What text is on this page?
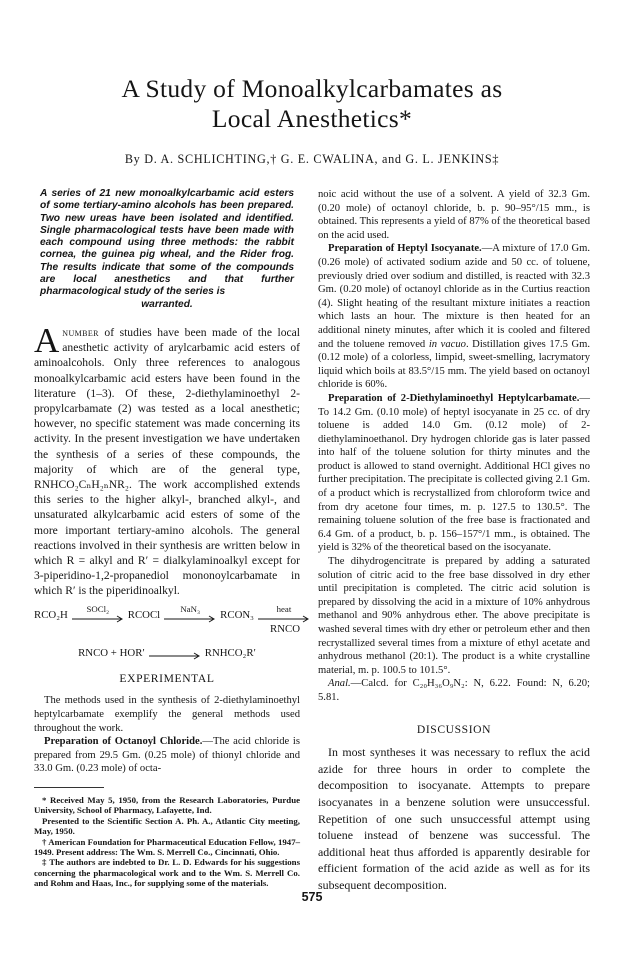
A Study of Monoalkylcarbamates as
Local Anesthetics*
By D. A. SCHLICHTING,† G. E. CWALINA, and G. L. JENKINS‡

A series of 21 new monoalkylcarbamic acid esters of some tertiary-amino alcohols has been prepared. Two new ureas have been isolated and identified. Single pharmacological tests have been made with each compound using three methods: the rabbit cornea, the guinea pig wheal, and the Rider frog. The results indicate that some of the compounds are local anesthetics and that further pharmacological study of the series is

warranted.

Anumber of studies have been made of the local anesthetic activity of arylcarbamic acid esters of aminoalcohols. Only three references to analogous monoalkylcarbamic acid esters have been found in the literature (1–3). Of these, 2-diethylaminoethyl 2-propylcarbamate (2) was tested as a local anesthetic; however, no specific statement was made concerning its activity. In the present investigation we have undertaken the synthesis of a series of these compounds, the majority of which are of the general type, RNHCO₂CₙH₂ₙNR₂. The work accomplished extends this series to the higher alkyl-, branched alkyl-, and unsaturated alkylcarbamic acid esters of some of the more important tertiary-amino alcohols. The general reactions involved in their synthesis are written below in which R = alkyl and R′ = dialkylaminoalkyl except for 3-piperidino-1,2-propanediol mononoylcarbamate in which R′ is the piperidinoalkyl.

RCO₂H
SOCl₂
RCOCl
NaN₃
RCON₃
heat
RNCO
RNCO + HOR′	RNHCO₂R′
EXPERIMENTAL

The methods used in the synthesis of 2-diethylaminoethyl heptylcarbamate exemplify the general methods used throughout the work.

Preparation of Octanoyl Chloride.—The acid chloride is prepared from 29.5 Gm. (0.25 mole) of thionyl chloride and 33.0 Gm. (0.23 mole) of octa-

* Received May 5, 1950, from the Research Laboratories, Purdue University, School of Pharmacy, Lafayette, Ind.

Presented to the Scientific Section A. Ph. A., Atlantic City meeting, May, 1950.

† American Foundation for Pharmaceutical Education Fellow, 1947–1949. Present address: The Wm. S. Merrell Co., Cincinnati, Ohio.

‡ The authors are indebted to Dr. L. D. Edwards for his suggestions concerning the pharmacological work and to the Wm. S. Merrell Co. and Rohm and Haas, Inc., for supplying some of the materials.

noic acid without the use of a solvent. A yield of 32.3 Gm. (0.20 mole) of octanoyl chloride, b. p. 90–95°/15 mm., is obtained. This represents a yield of 87% of the theoretical based on the acid used.

Preparation of Heptyl Isocyanate.—A mixture of 17.0 Gm. (0.26 mole) of activated sodium azide and 50 cc. of toluene, previously dried over sodium and distilled, is reacted with 32.3 Gm. (0.20 mole) of octanoyl chloride as in the Curtius reaction (4). Slight heating of the resultant mixture initiates a reaction which lasts an hour. The mixture is then heated for an additional ninety minutes, after which it is cooled and filtered and the toluene removed in vacuo. Distillation gives 17.5 Gm. (0.12 mole) of a colorless, limpid, sweet-smelling, lacrymatory liquid which boils at 83.5°/15 mm. The yield based on octanoyl chloride is 60%.

Preparation of 2-Diethylaminoethyl Heptylcarbamate.—To 14.2 Gm. (0.10 mole) of heptyl isocyanate in 25 cc. of dry toluene is added 14.0 Gm. (0.12 mole) of 2-diethylaminoethanol. Dry hydrogen chloride gas is later passed into half of the toluene solution for thirty minutes and the product is allowed to stand overnight. Additional HCl gives no further precipitation. The precipitate is collected giving 2.1 Gm. of a product which is recrystallized from chloroform twice and from dry acetone four times, m. p. 127.5 to 130.5°. The remaining toluene solution of the free base is fractionated and 6.4 Gm. of a product, b. p. 156–157°/1 mm., is obtained. The yield is 32% of the theoretical based on the isocyanate.

The dihydrogencitrate is prepared by adding a saturated solution of citric acid to the free base dissolved in dry ether until precipitation is completed. The citric acid solution is prepared by dissolving the acid in a mixture of 10% anhydrous methanol and 90% anhydrous ether. The above precipitate is washed several times with dry ether or petroleum ether and then recrystallized several times from a mixture of ethyl acetate and anhydrous methanol (20:1). The product is a white crystalline material, m. p. 100.5 to 101.5°.

Anal.—Calcd. for C₂₀H₃₆O₉N₂: N, 6.22. Found: N, 6.20; 5.81.

DISCUSSION

In most syntheses it was necessary to reflux the acid azide for three hours in order to complete the decomposition to isocyanate. Attempts to prepare isocyanates in a benzene solution were unsuccessful. Repetition of one such unsuccessful attempt using toluene instead of benzene was successful. The additional heat thus afforded is apparently desirable for efficient formation of the acid azide as well as for its subsequent decomposition.

575
